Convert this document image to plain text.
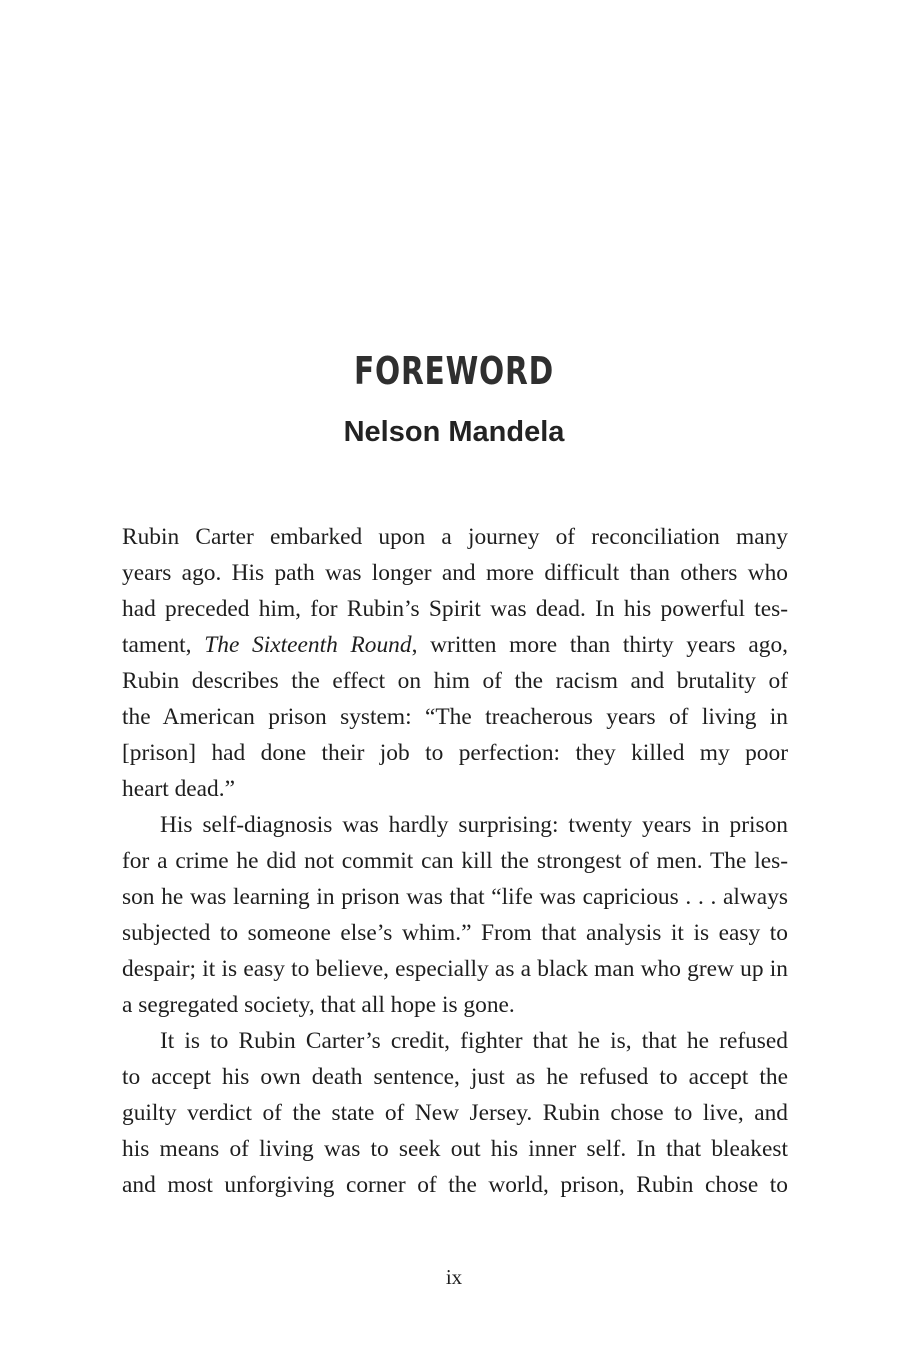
FOREWORD
Nelson Mandela
Rubin Carter embarked upon a journey of reconciliation many
years ago. His path was longer and more difficult than others who
had preceded him, for Rubin’s Spirit was dead. In his powerful tes-
tament, The Sixteenth Round, written more than thirty years ago,
Rubin describes the effect on him of the racism and brutality of
the American prison system: “The treacherous years of living in
[prison] had done their job to perfection: they killed my poor
heart dead.”
His self-diagnosis was hardly surprising: twenty years in prison
for a crime he did not commit can kill the strongest of men. The les-
son he was learning in prison was that “life was capricious . . . always
subjected to someone else’s whim.” From that analysis it is easy to
despair; it is easy to believe, especially as a black man who grew up in
a segregated society, that all hope is gone.
It is to Rubin Carter’s credit, fighter that he is, that he refused
to accept his own death sentence, just as he refused to accept the
guilty verdict of the state of New Jersey. Rubin chose to live, and
his means of living was to seek out his inner self. In that bleakest
and most unforgiving corner of the world, prison, Rubin chose to
ix
